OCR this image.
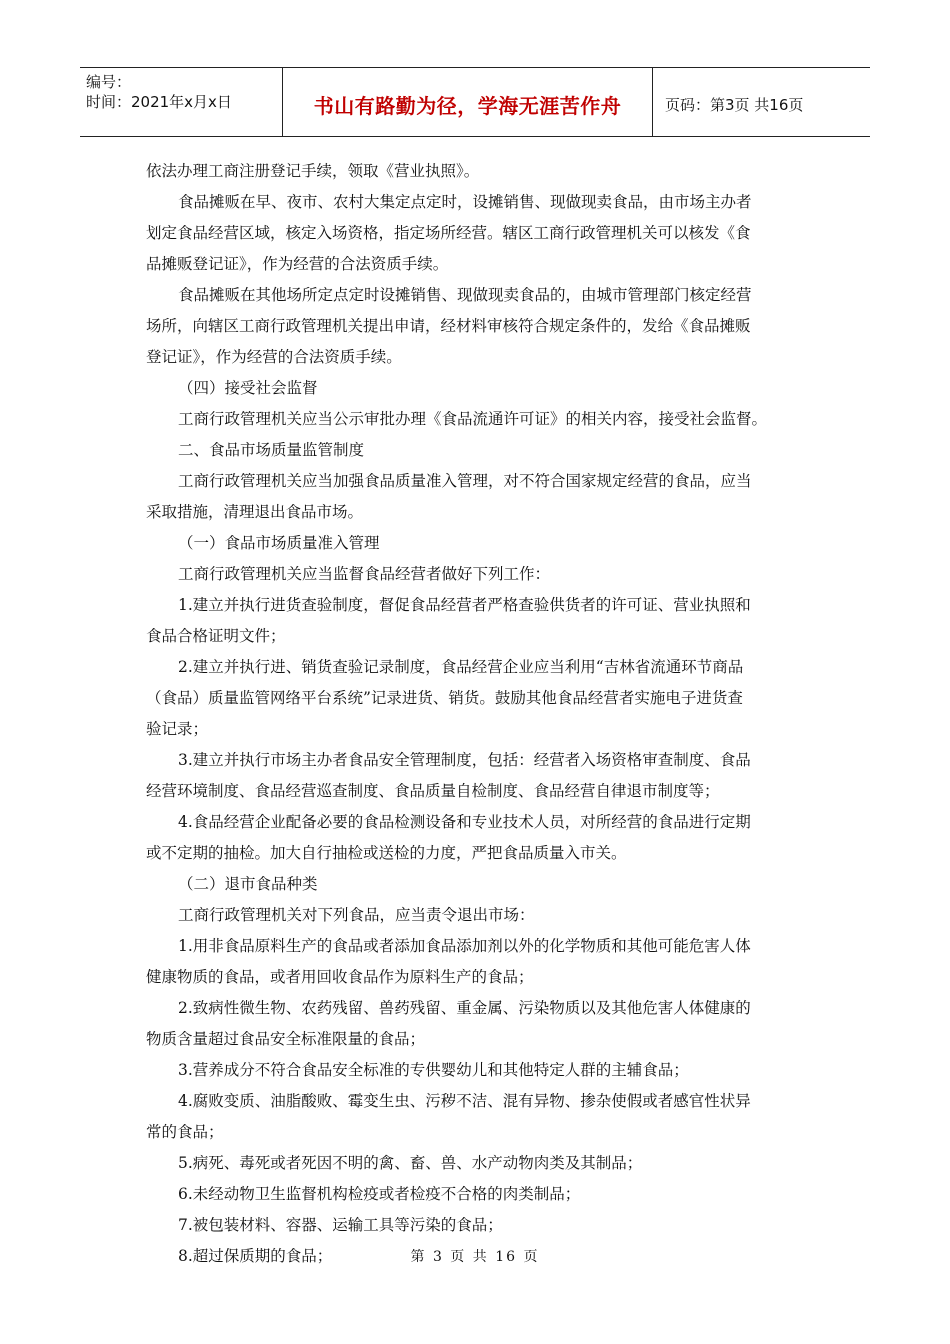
编号：
时间：2021年x月x日	书山有路勤为径，学海无涯苦作舟	页码：第3页 共16页

依法办理工商注册登记手续，领取《营业执照》。

食品摊贩在早、夜市、农村大集定点定时，设摊销售、现做现卖食品，由市场主办者

划定食品经营区域，核定入场资格，指定场所经营。辖区工商行政管理机关可以核发《食

品摊贩登记证》，作为经营的合法资质手续。

食品摊贩在其他场所定点定时设摊销售、现做现卖食品的，由城市管理部门核定经营

场所，向辖区工商行政管理机关提出申请，经材料审核符合规定条件的，发给《食品摊贩

登记证》，作为经营的合法资质手续。

（四）接受社会监督

工商行政管理机关应当公示审批办理《食品流通许可证》的相关内容，接受社会监督。

二、食品市场质量监管制度

工商行政管理机关应当加强食品质量准入管理，对不符合国家规定经营的食品，应当

采取措施，清理退出食品市场。

（一）食品市场质量准入管理

工商行政管理机关应当监督食品经营者做好下列工作：

1.建立并执行进货查验制度，督促食品经营者严格查验供货者的许可证、营业执照和

食品合格证明文件；

2.建立并执行进、销货查验记录制度，食品经营企业应当利用“吉林省流通环节商品

（食品）质量监管网络平台系统”记录进货、销货。鼓励其他食品经营者实施电子进货查

验记录；

3.建立并执行市场主办者食品安全管理制度，包括：经营者入场资格审查制度、食品

经营环境制度、食品经营巡查制度、食品质量自检制度、食品经营自律退市制度等；

4.食品经营企业配备必要的食品检测设备和专业技术人员，对所经营的食品进行定期

或不定期的抽检。加大自行抽检或送检的力度，严把食品质量入市关。

（二）退市食品种类

工商行政管理机关对下列食品，应当责令退出市场：

1.用非食品原料生产的食品或者添加食品添加剂以外的化学物质和其他可能危害人体

健康物质的食品，或者用回收食品作为原料生产的食品；

2.致病性微生物、农药残留、兽药残留、重金属、污染物质以及其他危害人体健康的

物质含量超过食品安全标准限量的食品；

3.营养成分不符合食品安全标准的专供婴幼儿和其他特定人群的主辅食品；

4.腐败变质、油脂酸败、霉变生虫、污秽不洁、混有异物、掺杂使假或者感官性状异

常的食品；

5.病死、毒死或者死因不明的禽、畜、兽、水产动物肉类及其制品；

6.未经动物卫生监督机构检疫或者检疫不合格的肉类制品；

7.被包装材料、容器、运输工具等污染的食品；

8.超过保质期的食品；	第 3 页 共 16 页
